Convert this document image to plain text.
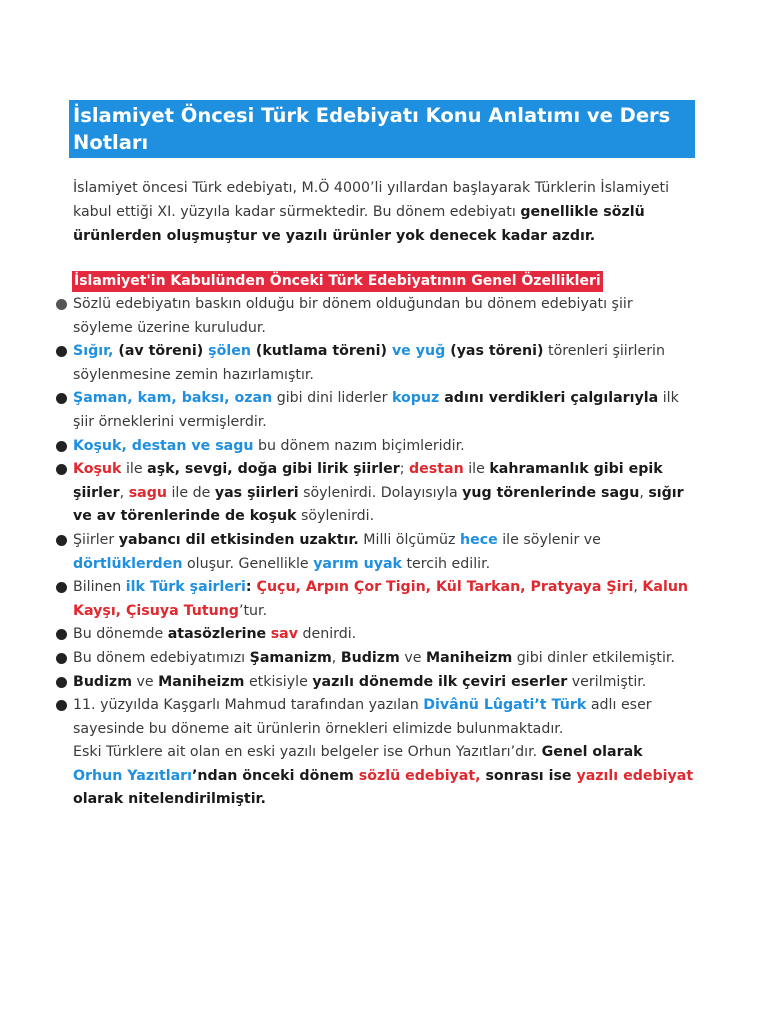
İslamiyet Öncesi Türk Edebiyatı Konu Anlatımı ve Ders Notları

İslamiyet öncesi Türk edebiyatı, M.Ö 4000’li yıllardan başlayarak Türklerin İslamiyeti kabul ettiği XI. yüzyıla kadar sürmektedir. Bu dönem edebiyatı genellikle sözlü ürünlerden oluşmuştur ve yazılı ürünler yok denecek kadar azdır.

İslamiyet'in Kabulünden Önceki Türk Edebiyatının Genel Özellikleri
Sözlü edebiyatın baskın olduğu bir dönem olduğundan bu dönem edebiyatı şiir söyleme üzerine kuruludur.
Sığır, (av töreni) şölen (kutlama töreni) ve yuğ (yas töreni) törenleri şiirlerin söylenmesine zemin hazırlamıştır.
Şaman, kam, baksı, ozan gibi dini liderler kopuz adını verdikleri çalgılarıyla ilk şiir örneklerini vermişlerdir.
Koşuk, destan ve sagu bu dönem nazım biçimleridir.
Koşuk ile aşk, sevgi, doğa gibi lirik şiirler; destan ile kahramanlık gibi epik şiirler, sagu ile de yas şiirleri söylenirdi. Dolayısıyla yug törenlerinde sagu, sığır ve av törenlerinde de koşuk söylenirdi.
Şiirler yabancı dil etkisinden uzaktır. Milli ölçümüz hece ile söylenir ve dörtlüklerden oluşur. Genellikle yarım uyak tercih edilir.
Bilinen ilk Türk şairleri: Çuçu, Arpın Çor Tigin, Kül Tarkan, Pratyaya Şiri, Kalun Kayşı, Çisuya Tutung’tur.
Bu dönemde atasözlerine sav denirdi.
Bu dönem edebiyatımızı Şamanizm, Budizm ve Maniheizm gibi dinler etkilemiştir.
Budizm ve Maniheizm etkisiyle yazılı dönemde ilk çeviri eserler verilmiştir.
11. yüzyılda Kaşgarlı Mahmud tarafından yazılan Divânü Lûgati’t Türk adlı eser sayesinde bu döneme ait ürünlerin örnekleri elimizde bulunmaktadır.
Eski Türklere ait olan en eski yazılı belgeler ise Orhun Yazıtları’dır. Genel olarak Orhun Yazıtları’ndan önceki dönem sözlü edebiyat, sonrası ise yazılı edebiyat olarak nitelendirilmiştir.
